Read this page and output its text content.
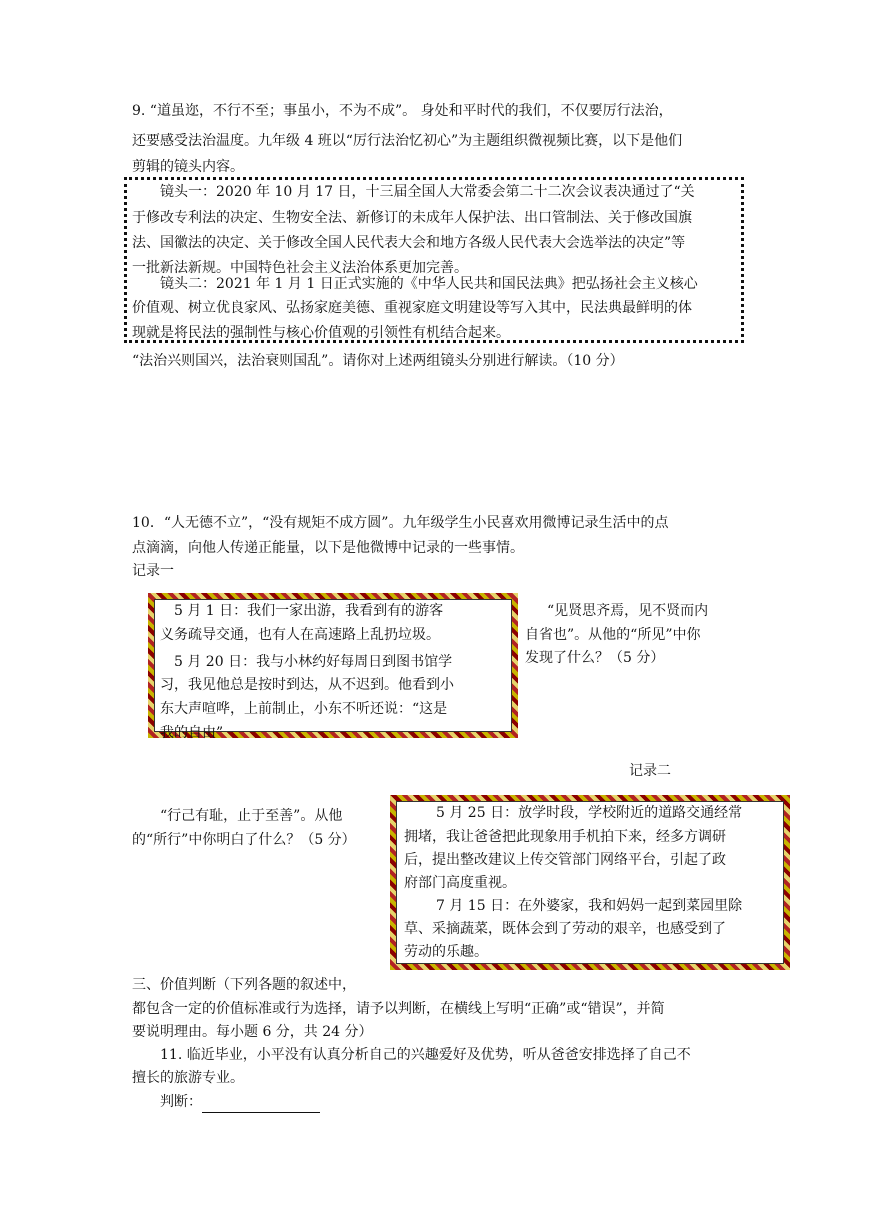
9. “道虽迩，不行不至；事虽小，不为不成”。 身处和平时代的我们，不仅要厉行法治，
还要感受法治温度。九年级 4 班以“厉行法治忆初心”为主题组织微视频比赛，以下是他们
剪辑的镜头内容。
镜头一：2020 年 10 月 17 日，十三届全国人大常委会第二十二次会议表决通过了“关
于修改专利法的决定、生物安全法、新修订的未成年人保护法、出口管制法、关于修改国旗
法、国徽法的决定、关于修改全国人民代表大会和地方各级人民代表大会选举法的决定”等
一批新法新规。中国特色社会主义法治体系更加完善。
镜头二：2021 年 1 月 1 日正式实施的《中华人民共和国民法典》把弘扬社会主义核心
价值观、树立优良家风、弘扬家庭美德、重视家庭文明建设等写入其中，民法典最鲜明的体
现就是将民法的强制性与核心价值观的引领性有机结合起来。
“法治兴则国兴，法治衰则国乱”。请你对上述两组镜头分别进行解读。（10 分）
10．“人无德不立”，“没有规矩不成方圆”。九年级学生小民喜欢用微博记录生活中的点
点滴滴，向他人传递正能量，以下是他微博中记录的一些事情。
记录一
5 月 1 日：我们一家出游，我看到有的游客
义务疏导交通，也有人在高速路上乱扔垃圾。
5 月 20 日：我与小林约好每周日到图书馆学
习，我见他总是按时到达，从不迟到。他看到小
东大声喧哗，上前制止，小东不听还说：“这是
我的自由”
“见贤思齐焉，见不贤而内
自省也”。从他的“所见”中你
发现了什么？（5 分）
记录二
“行己有耻，止于至善”。从他
的“所行”中你明白了什么？（5 分）
5 月 25 日：放学时段，学校附近的道路交通经常
拥堵，我让爸爸把此现象用手机拍下来，经多方调研
后，提出整改建议上传交管部门网络平台，引起了政
府部门高度重视。
7 月 15 日：在外婆家，我和妈妈一起到菜园里除
草、采摘蔬菜，既体会到了劳动的艰辛，也感受到了
劳动的乐趣。
三、价值判断（下列各题的叙述中，
都包含一定的价值标准或行为选择，请予以判断，在横线上写明“正确”或“错误”，并简
要说明理由。每小题 6 分，共 24 分）
11. 临近毕业，小平没有认真分析自己的兴趣爱好及优势，听从爸爸安排选择了自己不
擅长的旅游专业。
判断：
